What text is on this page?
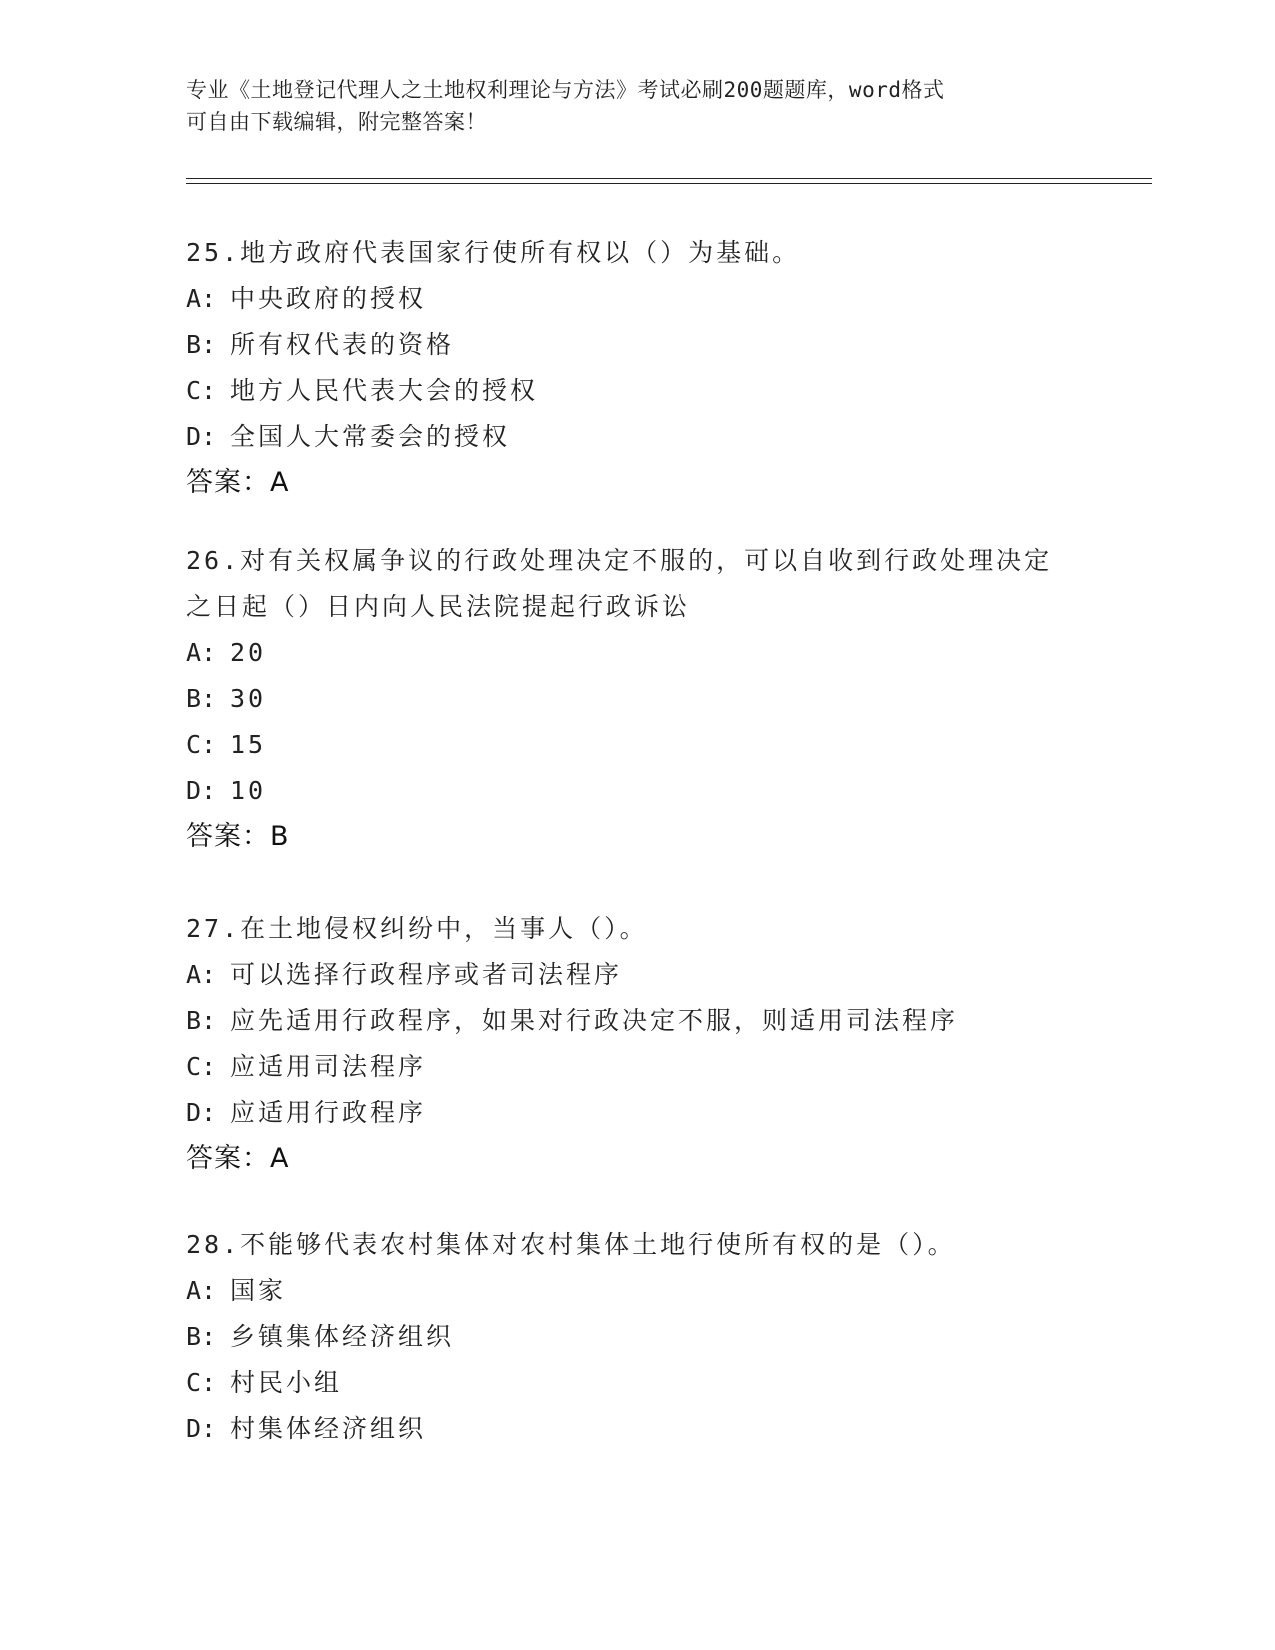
专业《土地登记代理人之土地权利理论与方法》考试必刷200题题库，word格式
可自由下载编辑，附完整答案！
25.地方政府代表国家行使所有权以（）为基础。
A: 中央政府的授权
B: 所有权代表的资格
C: 地方人民代表大会的授权
D: 全国人大常委会的授权
答案：A
26.对有关权属争议的行政处理决定不服的，可以自收到行政处理决定
之日起（）日内向人民法院提起行政诉讼
A: 20
B: 30
C: 15
D: 10
答案：B
27.在土地侵权纠纷中，当事人（）。
A: 可以选择行政程序或者司法程序
B: 应先适用行政程序，如果对行政决定不服，则适用司法程序
C: 应适用司法程序
D: 应适用行政程序
答案：A
28.不能够代表农村集体对农村集体土地行使所有权的是（）。
A: 国家
B: 乡镇集体经济组织
C: 村民小组
D: 村集体经济组织
